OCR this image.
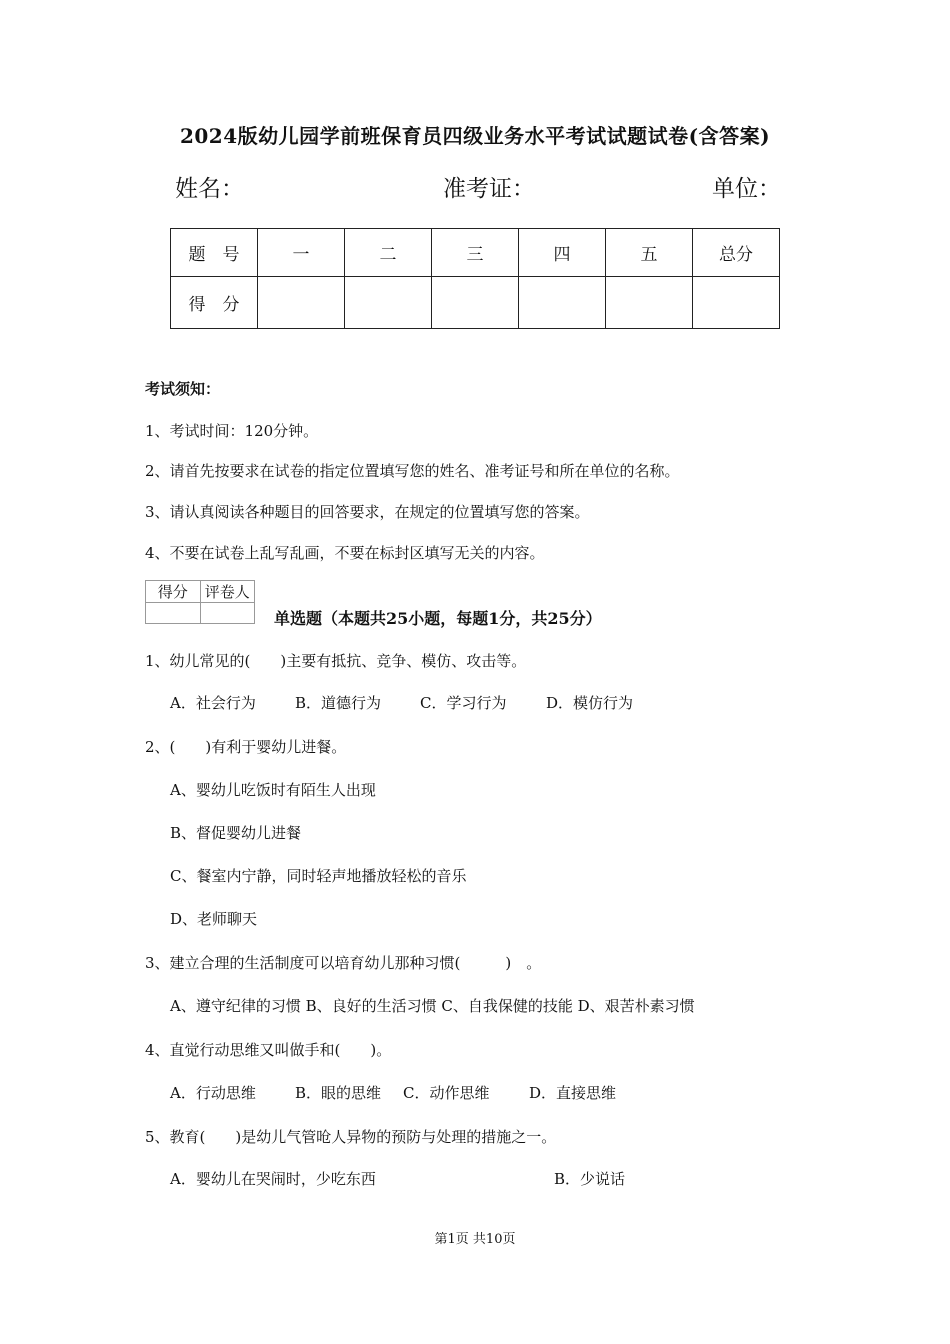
2024版幼儿园学前班保育员四级业务水平考试试题试卷(含答案)
姓名：	准考证：	单位：
题　号	一	二	三	四	五	总分
得　分						
考试须知：
1、考试时间：120分钟。
2、请首先按要求在试卷的指定位置填写您的姓名、准考证号和所在单位的名称。
3、请认真阅读各种题目的回答要求，在规定的位置填写您的答案。
4、不要在试卷上乱写乱画，不要在标封区填写无关的内容。
得分	评卷人

单选题（本题共25小题，每题1分，共25分）
1、幼儿常见的(　　)主要有抵抗、竞争、模仿、攻击等。
A．社会行为	B．道德行为	C．学习行为	D．模仿行为
2、(　　)有利于婴幼儿进餐。
A、婴幼儿吃饭时有陌生人出现
B、督促婴幼儿进餐
C、餐室内宁静，同时轻声地播放轻松的音乐
D、老师聊天
3、建立合理的生活制度可以培育幼儿那种习惯(　　　)　。
A、遵守纪律的习惯 B、良好的生活习惯 C、自我保健的技能 D、艰苦朴素习惯
4、直觉行动思维又叫做手和(　　)。
A．行动思维	B．眼的思维 C．动作思维	D．直接思维
5、教育(　　)是幼儿气管呛人异物的预防与处理的措施之一。
A．婴幼儿在哭闹时，少吃东西	B．少说话
第1页 共10页
